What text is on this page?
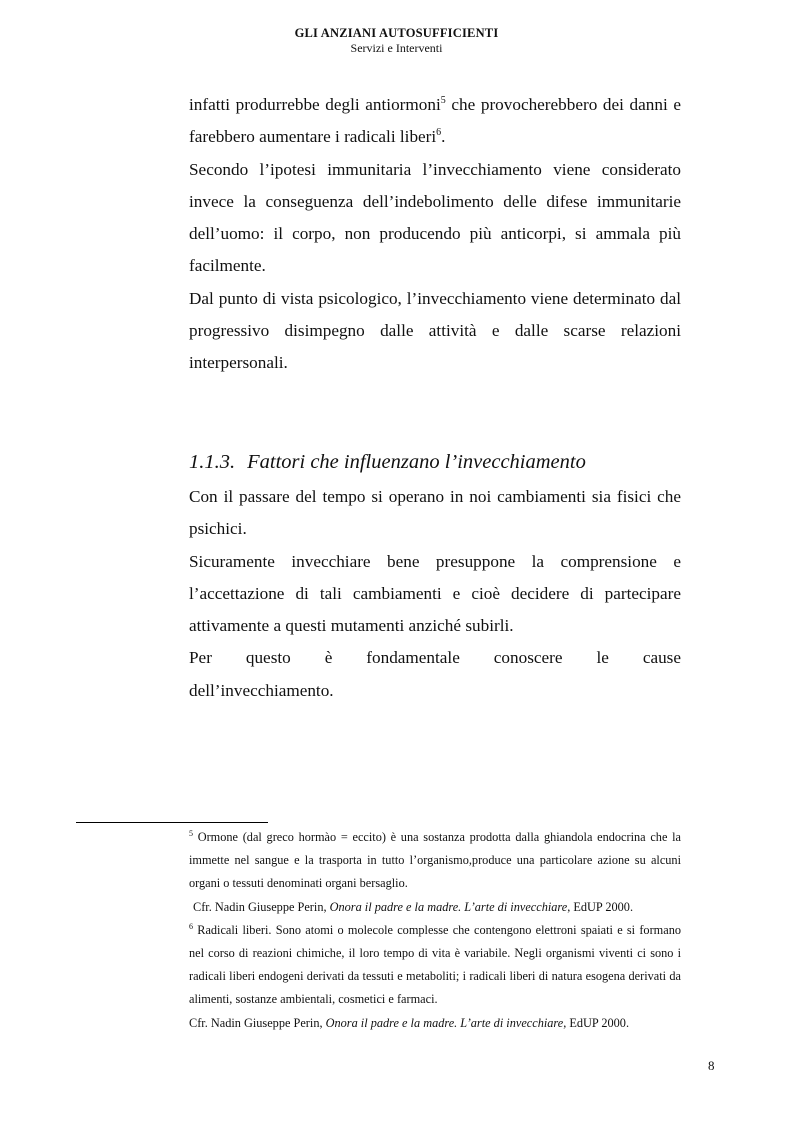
GLI ANZIANI AUTOSUFFICIENTI
Servizi e Interventi

infatti produrrebbe degli antiormoni$^5$ che provocherebbero dei danni e farebbero aumentare i radicali liberi$^6$.

Secondo l’ipotesi immunitaria l’invecchiamento viene considerato invece la conseguenza dell’indebolimento delle difese immunitarie dell’uomo: il corpo, non producendo più anticorpi, si ammala più facilmente.

Dal punto di vista psicologico, l’invecchiamento viene determinato dal progressivo disimpegno dalle attività e dalle scarse relazioni interpersonali.

1.1.3. Fattori che influenzano l’invecchiamento

Con il passare del tempo si operano in noi cambiamenti sia fisici che psichici.

Sicuramente invecchiare bene presuppone la comprensione e l’accettazione di tali cambiamenti e cioè decidere di partecipare attivamente a questi mutamenti anziché subirli.

Per questo è fondamentale conoscere le cause

dell’invecchiamento.

$^5$ Ormone (dal greco hormào = eccito) è una sostanza prodotta dalla ghiandola endocrina che la immette nel sangue e la trasporta in tutto l’organismo,produce una particolare azione su alcuni organi o tessuti denominati organi bersaglio.

Cfr. Nadin Giuseppe Perin, Onora il padre e la madre. L’arte di invecchiare, EdUP 2000.

$^6$ Radicali liberi. Sono atomi o molecole complesse che contengono elettroni spaiati e si formano nel corso di reazioni chimiche, il loro tempo di vita è variabile. Negli organismi viventi ci sono i radicali liberi endogeni derivati da tessuti e metaboliti; i radicali liberi di natura esogena derivati da alimenti, sostanze ambientali, cosmetici e farmaci.

Cfr. Nadin Giuseppe Perin, Onora il padre e la madre. L’arte di invecchiare, EdUP 2000.

8
